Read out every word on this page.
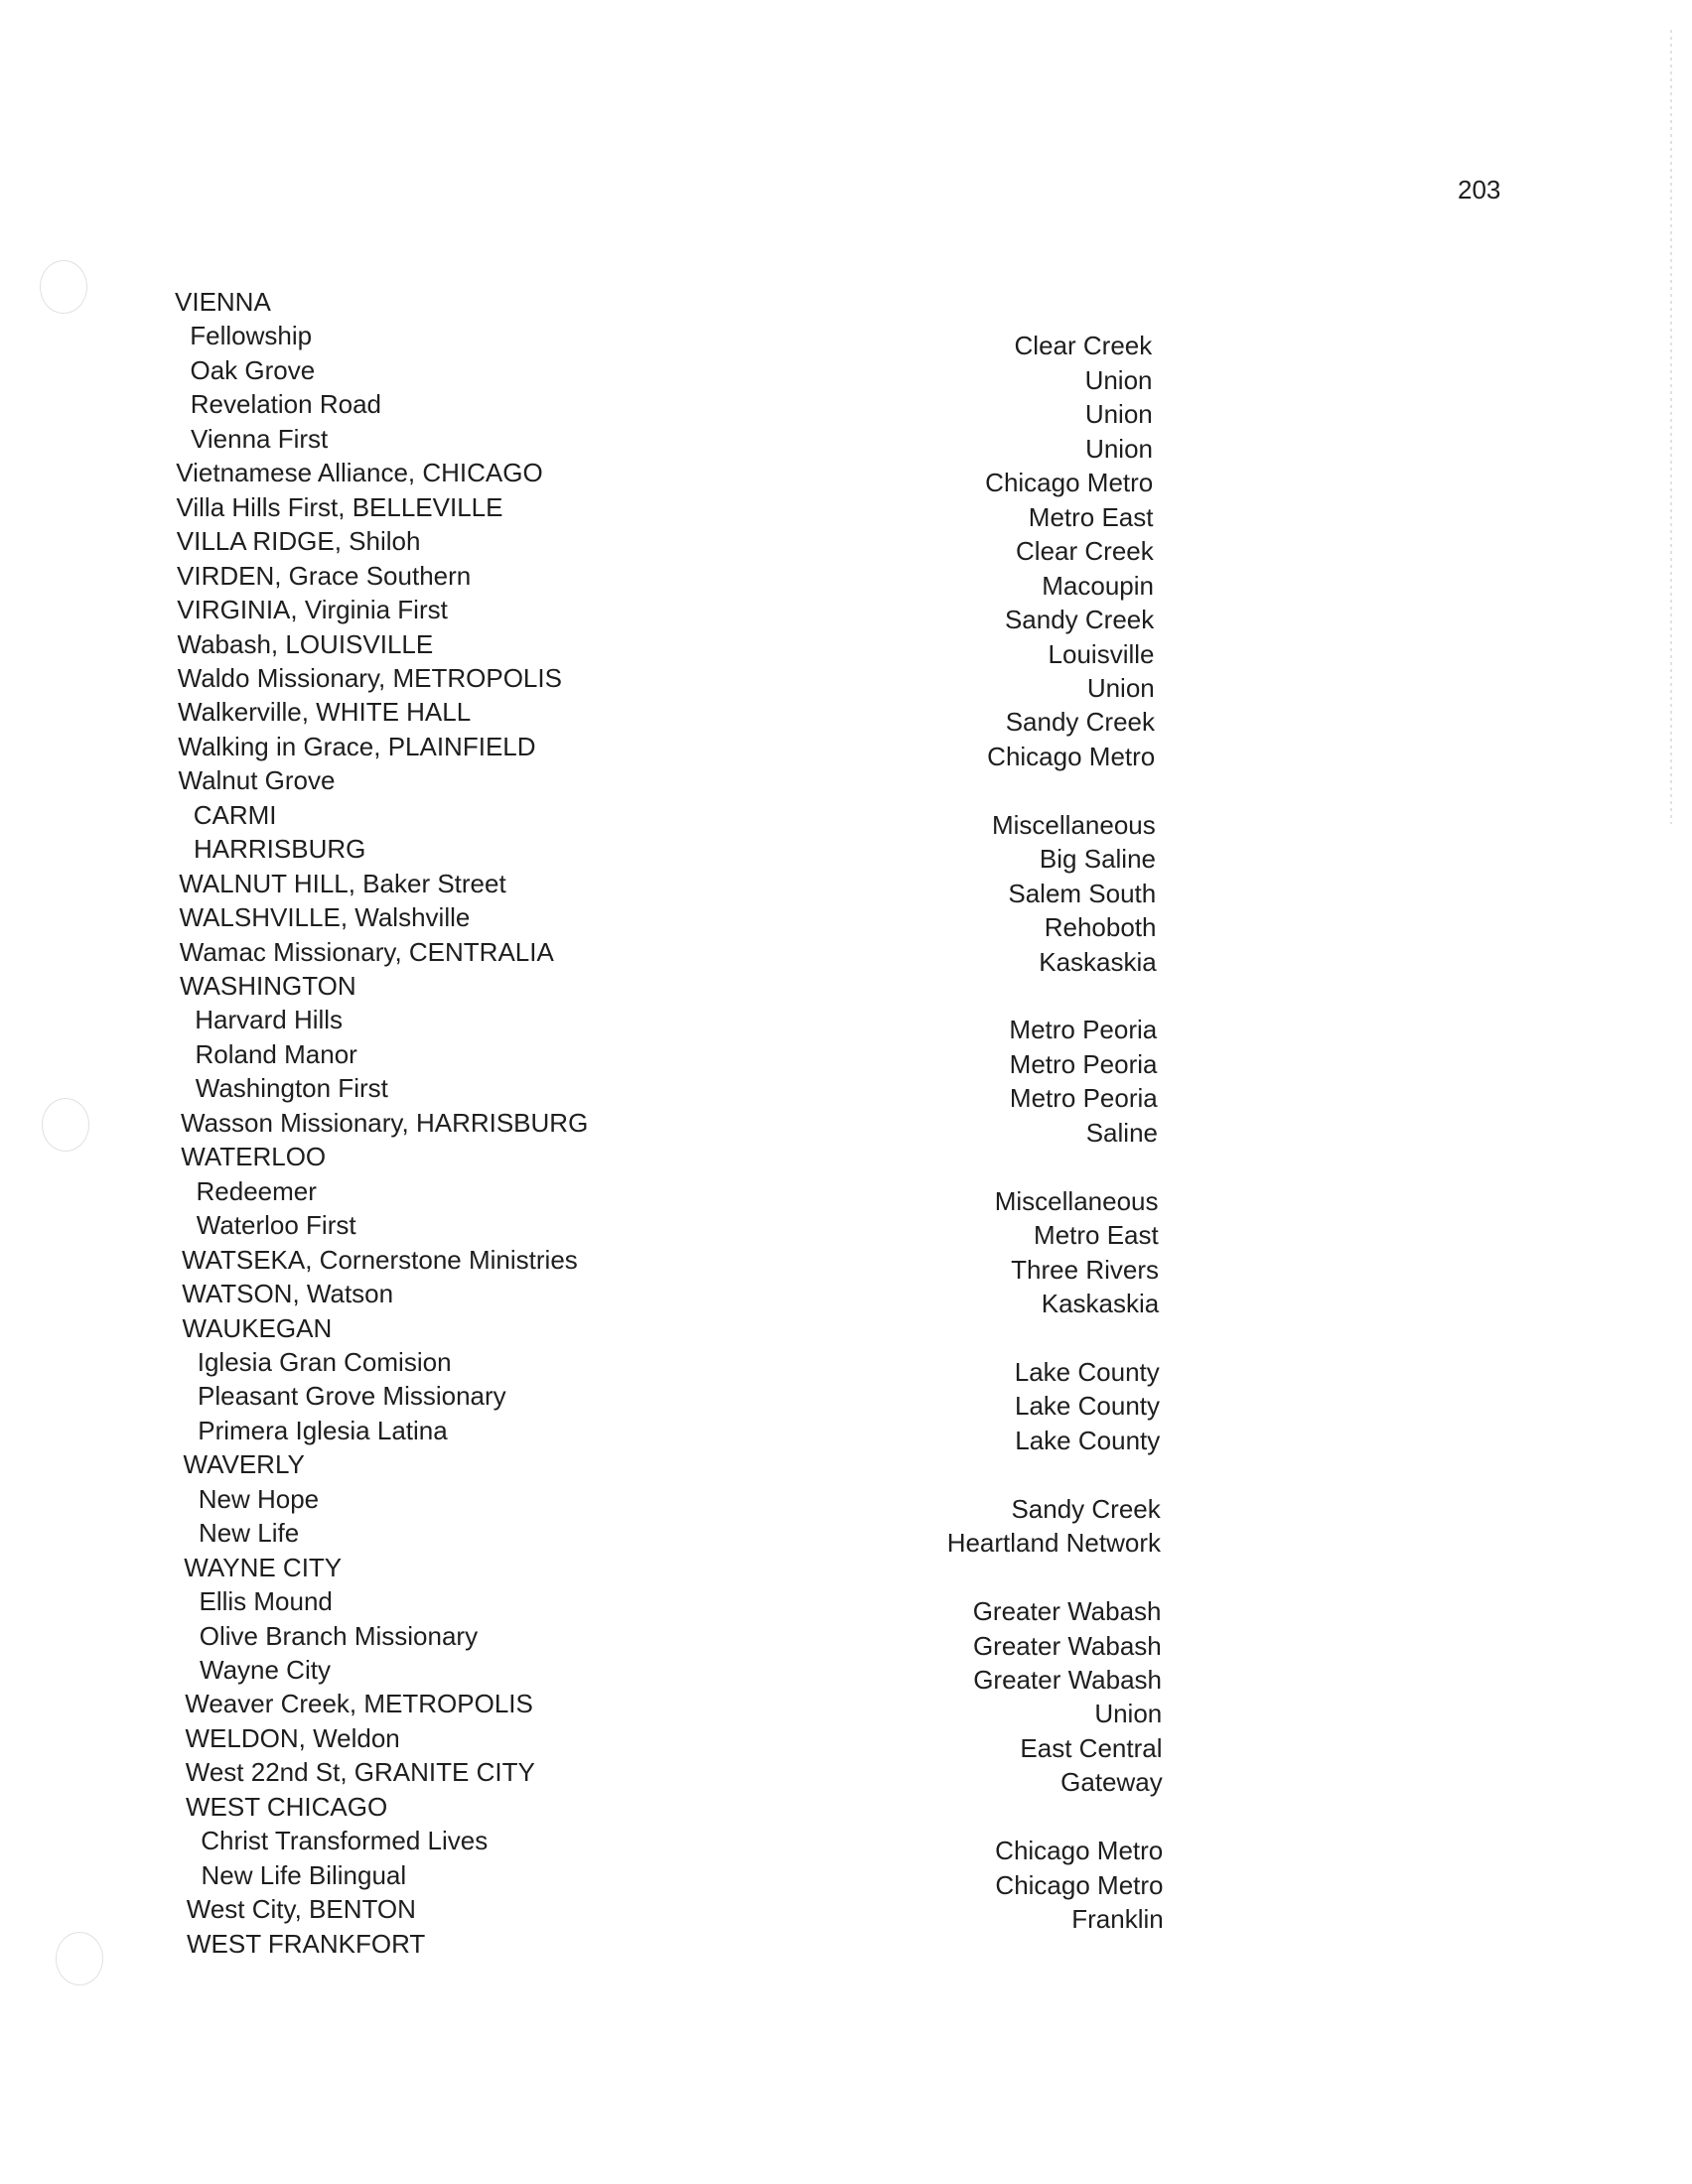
203
VIENNA
Fellowship	Clear Creek
Oak Grove	Union
Revelation Road	Union
Vienna First	Union
Vietnamese Alliance, CHICAGO	Chicago Metro
Villa Hills First, BELLEVILLE	Metro East
VILLA RIDGE, Shiloh	Clear Creek
VIRDEN, Grace Southern	Macoupin
VIRGINIA, Virginia First	Sandy Creek
Wabash, LOUISVILLE	Louisville
Waldo Missionary, METROPOLIS	Union
Walkerville, WHITE HALL	Sandy Creek
Walking in Grace, PLAINFIELD	Chicago Metro
Walnut Grove
CARMI	Miscellaneous
HARRISBURG	Big Saline
WALNUT HILL, Baker Street	Salem South
WALSHVILLE, Walshville	Rehoboth
Wamac Missionary, CENTRALIA	Kaskaskia
WASHINGTON
Harvard Hills	Metro Peoria
Roland Manor	Metro Peoria
Washington First	Metro Peoria
Wasson Missionary, HARRISBURG	Saline
WATERLOO
Redeemer	Miscellaneous
Waterloo First	Metro East
WATSEKA, Cornerstone Ministries	Three Rivers
WATSON, Watson	Kaskaskia
WAUKEGAN
Iglesia Gran Comision	Lake County
Pleasant Grove Missionary	Lake County
Primera Iglesia Latina	Lake County
WAVERLY
New Hope	Sandy Creek
New Life	Heartland Network
WAYNE CITY
Ellis Mound	Greater Wabash
Olive Branch Missionary	Greater Wabash
Wayne City	Greater Wabash
Weaver Creek, METROPOLIS	Union
WELDON, Weldon	East Central
West 22nd St, GRANITE CITY	Gateway
WEST CHICAGO
Christ Transformed Lives	Chicago Metro
New Life Bilingual	Chicago Metro
West City, BENTON	Franklin
WEST FRANKFORT
